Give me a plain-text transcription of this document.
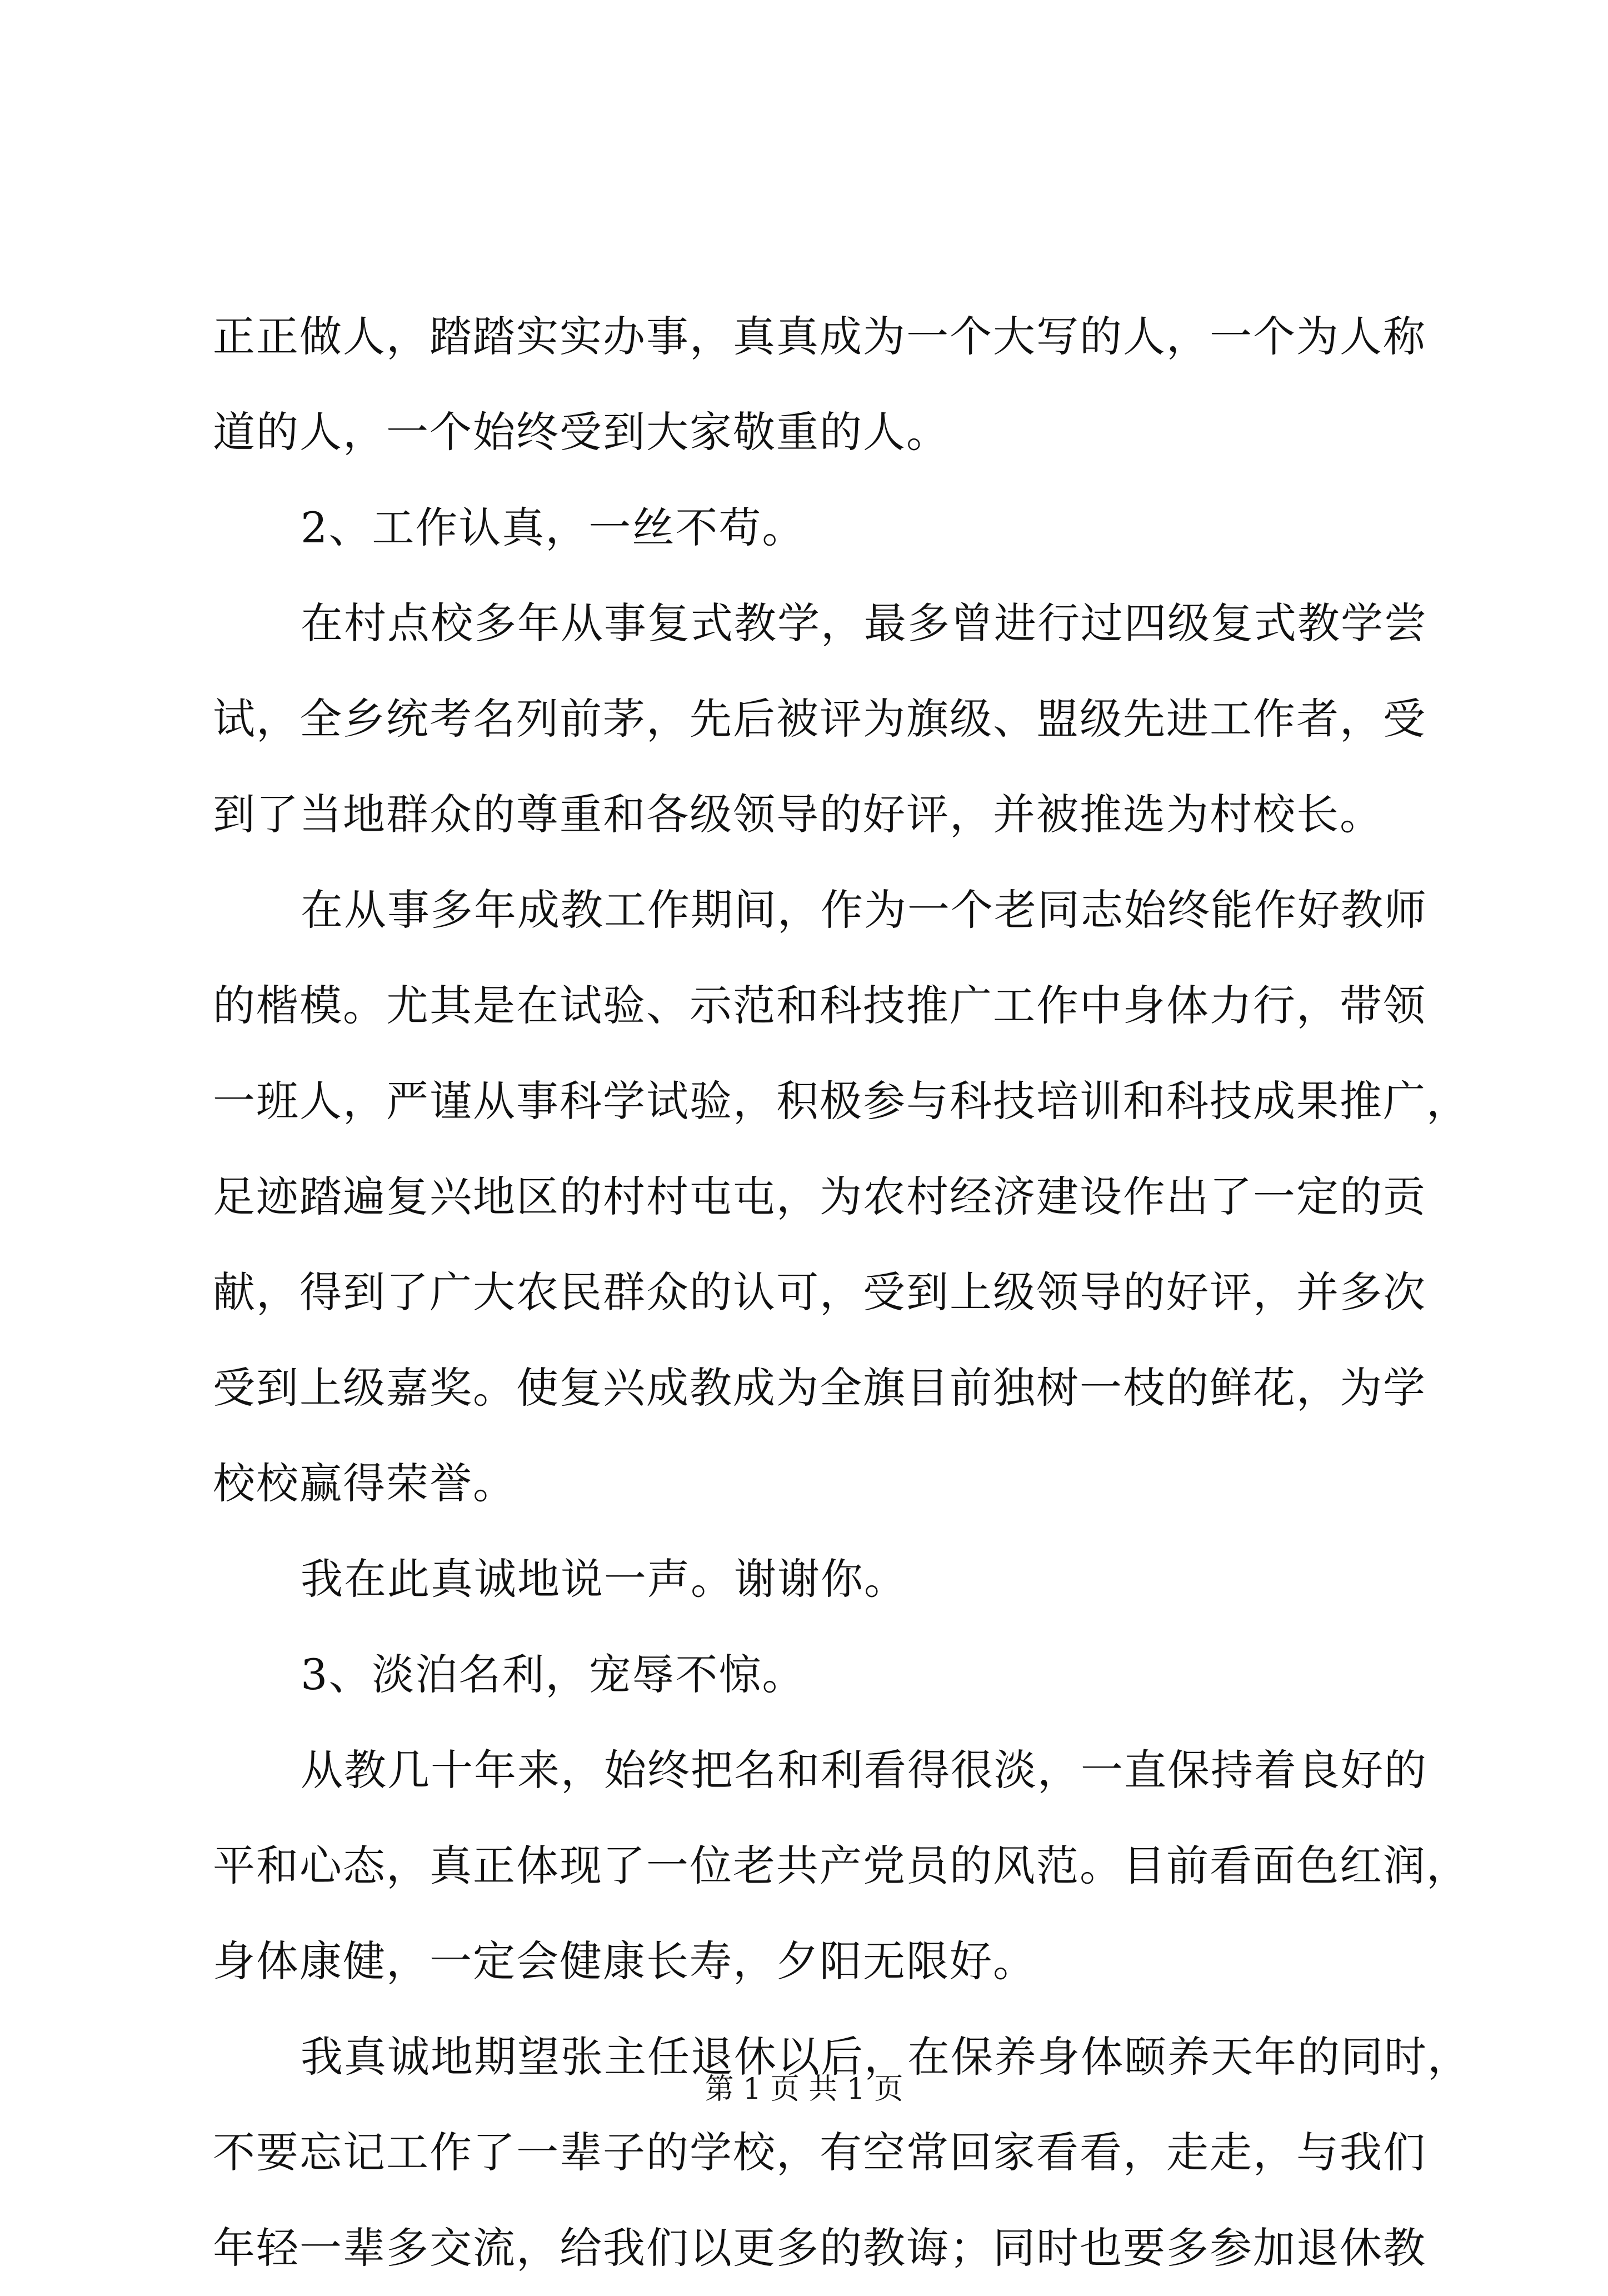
正正做人，踏踏实实办事，真真成为一个大写的人，一个为人称
道的人，一个始终受到大家敬重的人。
2、工作认真，一丝不苟。
在村点校多年从事复式教学，最多曾进行过四级复式教学尝
试，全乡统考名列前茅，先后被评为旗级、盟级先进工作者，受
到了当地群众的尊重和各级领导的好评，并被推选为村校长。
在从事多年成教工作期间，作为一个老同志始终能作好教师
的楷模。尤其是在试验、示范和科技推广工作中身体力行，带领
一班人，严谨从事科学试验，积极参与科技培训和科技成果推广，
足迹踏遍复兴地区的村村屯屯，为农村经济建设作出了一定的贡
献，得到了广大农民群众的认可，受到上级领导的好评，并多次
受到上级嘉奖。使复兴成教成为全旗目前独树一枝的鲜花，为学
校校赢得荣誉。
我在此真诚地说一声。谢谢你。
3、淡泊名利，宠辱不惊。
从教几十年来，始终把名和利看得很淡，一直保持着良好的
平和心态，真正体现了一位老共产党员的风范。目前看面色红润，
身体康健，一定会健康长寿，夕阳无限好。
我真诚地期望张主任退休以后，在保养身体颐养天年的同时，
不要忘记工作了一辈子的学校，有空常回家看看，走走，与我们
年轻一辈多交流，给我们以更多的教诲；同时也要多参加退休教
第 1 页 共 1 页
